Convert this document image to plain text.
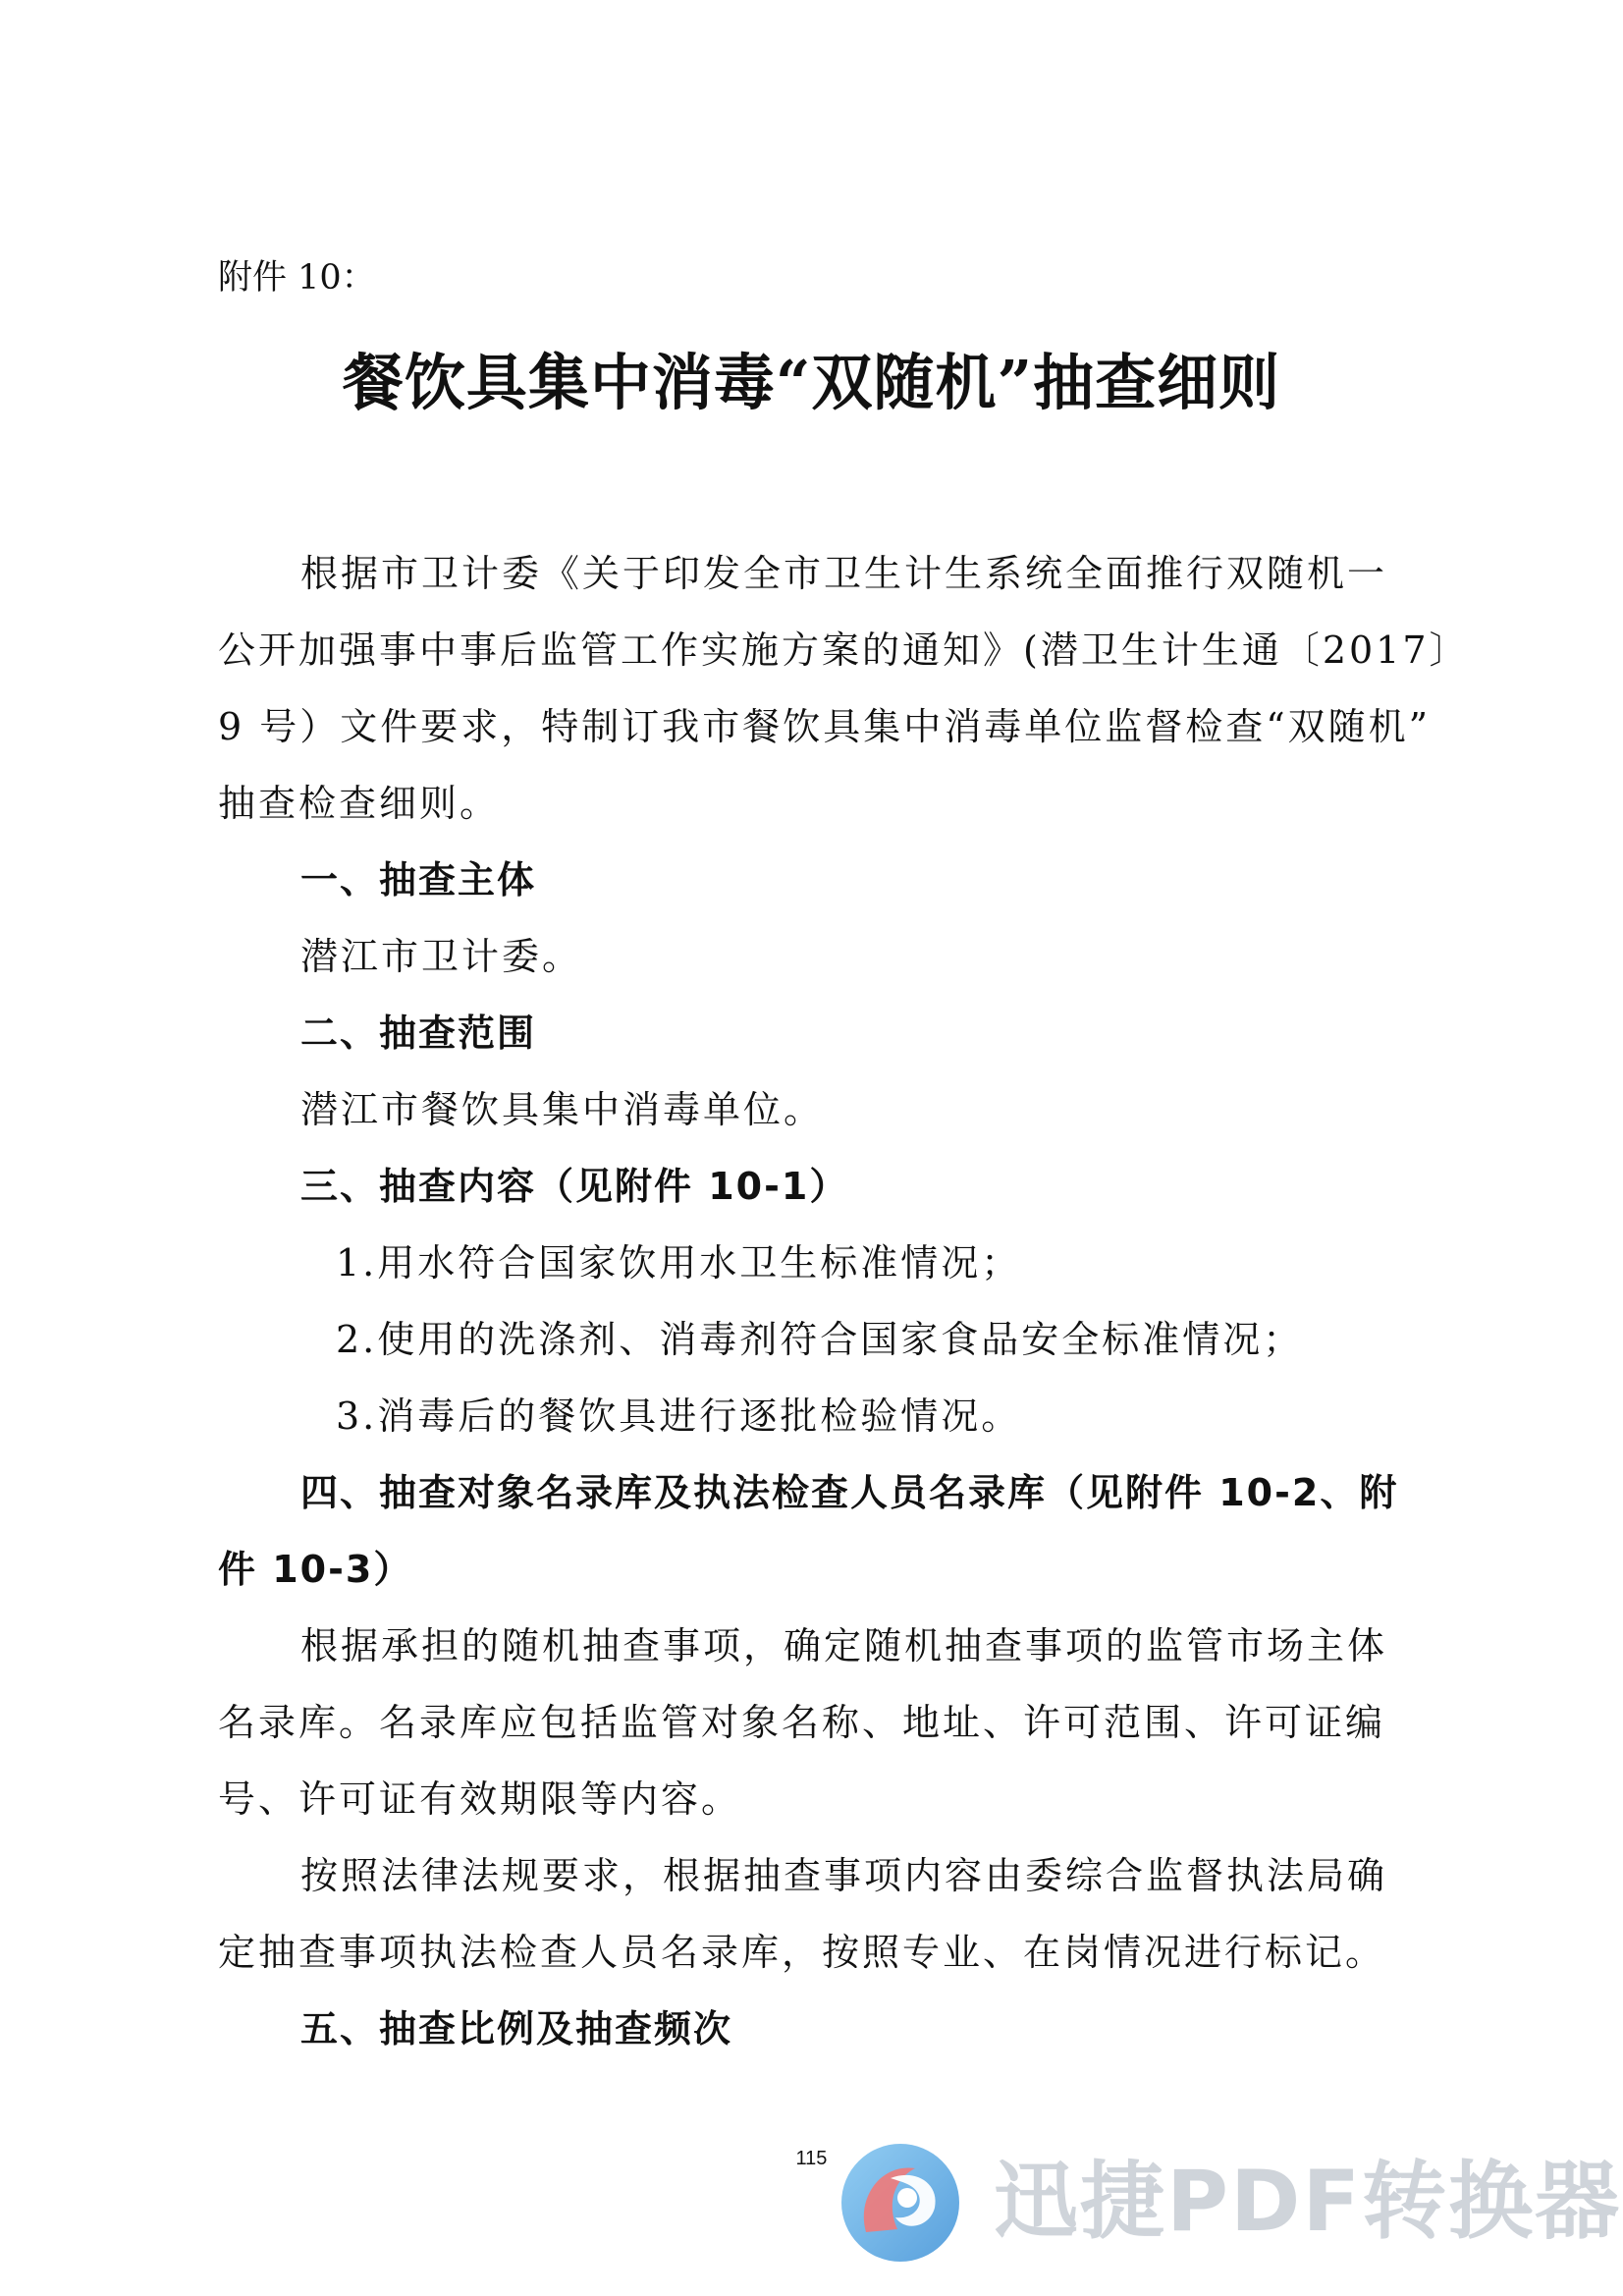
附件 10：
餐饮具集中消毒“双随机”抽查细则
根据市卫计委《关于印发全市卫生计生系统全面推行双随机一
公开加强事中事后监管工作实施方案的通知》(潜卫生计生通〔2017〕
9 号）文件要求，特制订我市餐饮具集中消毒单位监督检查“双随机”
抽查检查细则。
一、抽查主体
潜江市卫计委。
二、抽查范围
潜江市餐饮具集中消毒单位。
三、抽查内容（见附件 10-1）
1.用水符合国家饮用水卫生标准情况；
2.使用的洗涤剂、消毒剂符合国家食品安全标准情况；
3.消毒后的餐饮具进行逐批检验情况。
四、抽查对象名录库及执法检查人员名录库（见附件 10-2、附
件 10-3）
根据承担的随机抽查事项，确定随机抽查事项的监管市场主体
名录库。名录库应包括监管对象名称、地址、许可范围、许可证编
号、许可证有效期限等内容。
按照法律法规要求，根据抽查事项内容由委综合监督执法局确
定抽查事项执法检查人员名录库，按照专业、在岗情况进行标记。
五、抽查比例及抽查频次
115	迅捷PDF转换器
